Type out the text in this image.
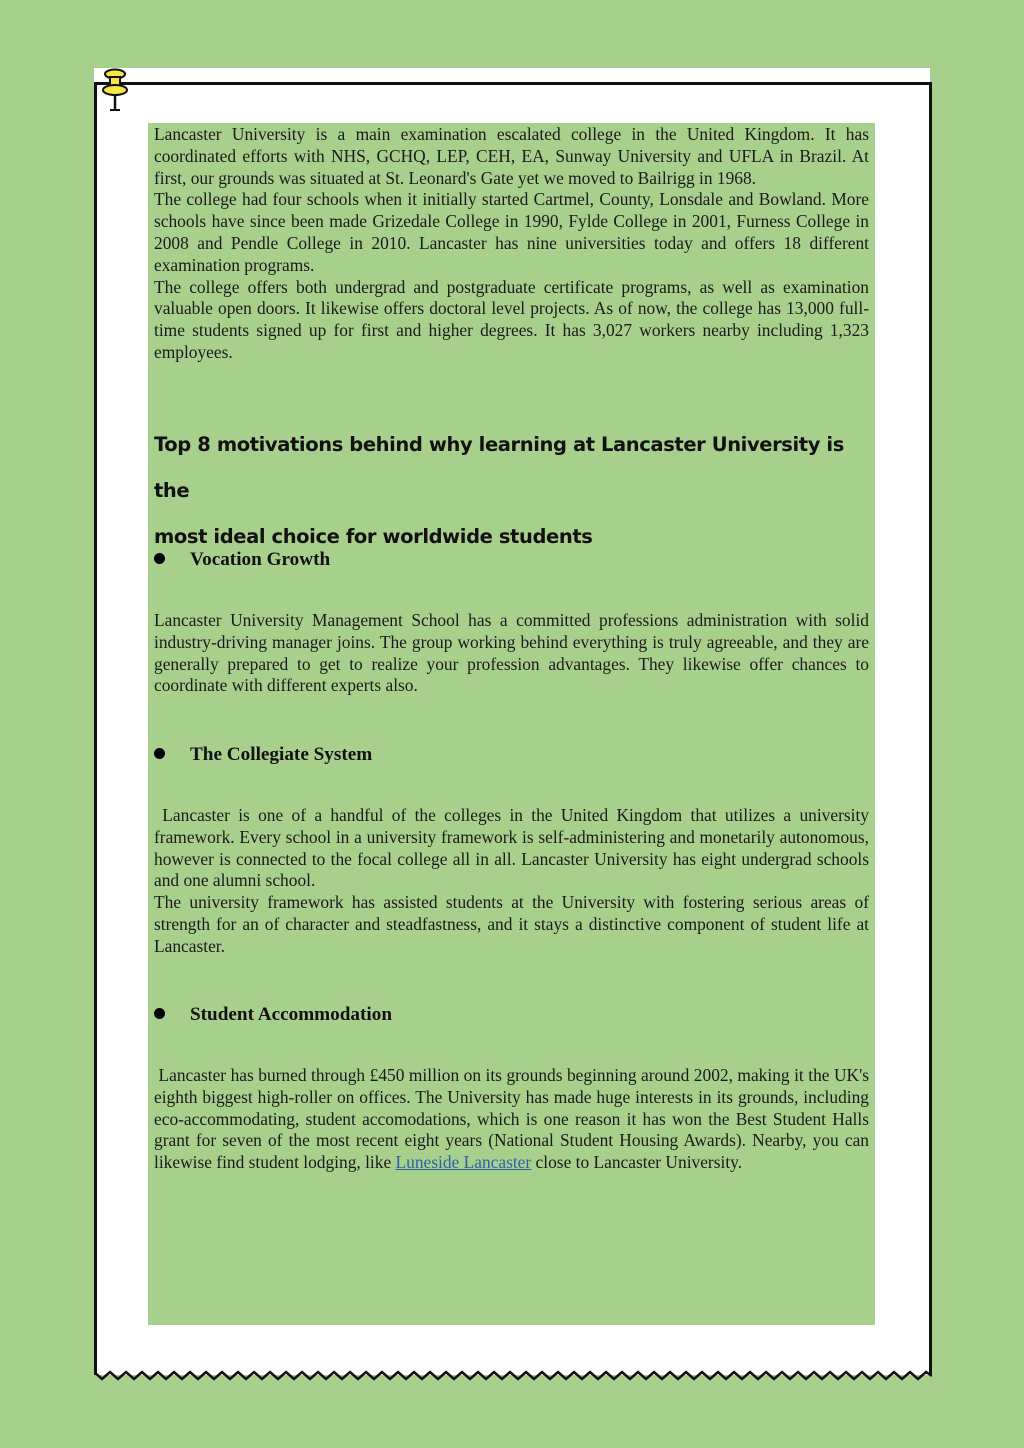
Lancaster University is a main examination escalated college in the United Kingdom. It has coordinated efforts with NHS, GCHQ, LEP, CEH, EA, Sunway University and UFLA in Brazil. At first, our grounds was situated at St. Leonard's Gate yet we moved to Bailrigg in 1968.

The college had four schools when it initially started Cartmel, County, Lonsdale and Bowland. More schools have since been made Grizedale College in 1990, Fylde College in 2001, Furness College in 2008 and Pendle College in 2010. Lancaster has nine universities today and offers 18 different examination programs.

The college offers both undergrad and postgraduate certificate programs, as well as examination valuable open doors. It likewise offers doctoral level projects. As of now, the college has 13,000 full-time students signed up for first and higher degrees. It has 3,027 workers nearby including 1,323 employees.

Top 8 motivations behind why learning at Lancaster University is the
most ideal choice for worldwide students
Vocation Growth

Lancaster University Management School has a committed professions administration with solid industry-driving manager joins. The group working behind everything is truly agreeable, and they are generally prepared to get to realize your profession advantages. They likewise offer chances to coordinate with different experts also.

The Collegiate System

Lancaster is one of a handful of the colleges in the United Kingdom that utilizes a university framework. Every school in a university framework is self-administering and monetarily autonomous, however is connected to the focal college all in all. Lancaster University has eight undergrad schools and one alumni school.

The university framework has assisted students at the University with fostering serious areas of strength for an of character and steadfastness, and it stays a distinctive component of student life at Lancaster.

Student Accommodation

Lancaster has burned through £450 million on its grounds beginning around 2002, making it the UK's eighth biggest high-roller on offices. The University has made huge interests in its grounds, including eco-accommodating, student accomodations, which is one reason it has won the Best Student Halls grant for seven of the most recent eight years (National Student Housing Awards). Nearby, you can likewise find student lodging, like Luneside Lancaster close to Lancaster University.
